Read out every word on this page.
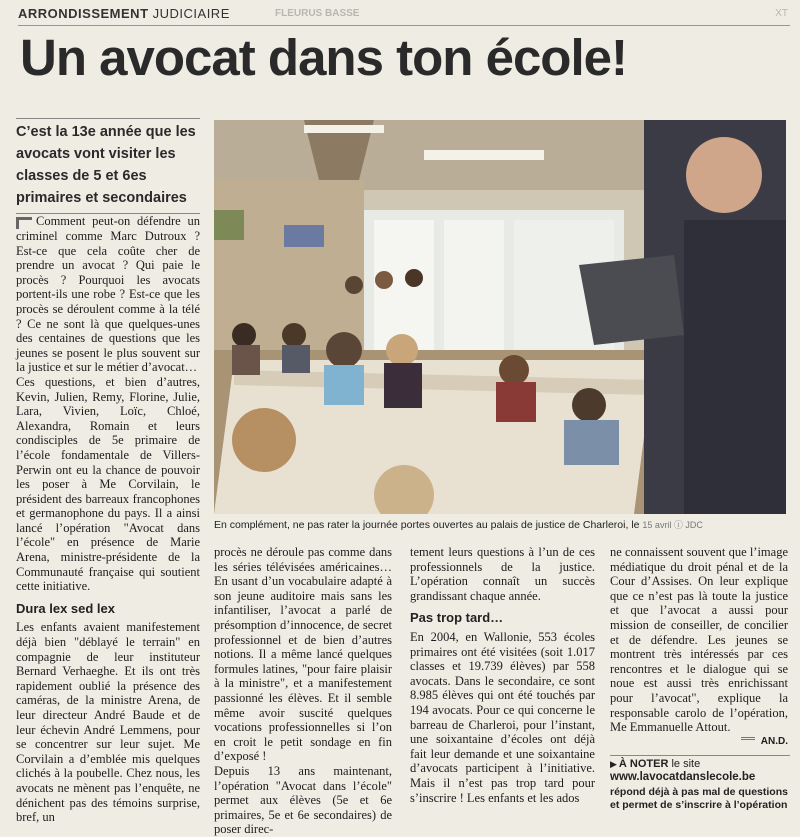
ARRONDISSEMENT JUDICIAIRE	FLEURUS BASSE	XT
Un avocat dans ton école!
C’est la 13e année que les avocats vont visiter les classes de 5 et 6es primaires et secondaires
En complément, ne pas rater la journée portes ouvertes au palais de justice de Charleroi, le 15 avril ⓘ JDC

Comment peut-on défendre un criminel comme Marc Dutroux ? Est-ce que cela coûte cher de prendre un avocat ? Qui paie le procès ? Pourquoi les avocats portent-ils une robe ? Est-ce que les procès se déroulent comme à la télé ? Ce ne sont là que quelques-unes des centaines de questions que les jeunes se posent le plus souvent sur la justice et sur le métier d’avocat…

Ces questions, et bien d’autres, Kevin, Julien, Remy, Florine, Julie, Lara, Vivien, Loïc, Chloé, Alexandra, Romain et leurs condisciples de 5e primaire de l’école fondamentale de Villers-Perwin ont eu la chance de pouvoir les poser à Me Corvilain, le président des barreaux francophones et germanophone du pays. Il a ainsi lancé l’opération "Avocat dans l’école" en présence de Marie Arena, ministre-présidente de la Communauté française qui soutient cette initiative.

Dura lex sed lex

Les enfants avaient manifestement déjà bien "déblayé le terrain" en compagnie de leur instituteur Bernard Verhaeghe. Et ils ont très rapidement oublié la présence des caméras, de la ministre Arena, de leur directeur André Baude et de leur échevin André Lemmens, pour se concentrer sur leur sujet. Me Corvilain a d’emblée mis quelques clichés à la poubelle. Chez nous, les avocats ne mènent pas l’enquête, ne dénichent pas des témoins surprise, bref, un

procès ne déroule pas comme dans les séries télévisées américaines… En usant d’un vocabulaire adapté à son jeune auditoire mais sans les infantiliser, l’avocat a parlé de présomption d’innocence, de secret professionnel et de bien d’autres notions. Il a même lancé quelques formules latines, "pour faire plaisir à la ministre", et a manifestement passionné les élèves. Et il semble même avoir suscité quelques vocations professionnelles si l’on en croit le petit sondage en fin d’exposé !

Depuis 13 ans maintenant, l’opération "Avocat dans l’école" permet aux élèves (5e et 6e primaires, 5e et 6e secondaires) de poser direc-

tement leurs questions à l’un de ces professionnels de la justice. L’opération connaît un succès grandissant chaque année.

Pas trop tard…

En 2004, en Wallonie, 553 écoles primaires ont été visitées (soit 1.017 classes et 19.739 élèves) par 558 avocats. Dans le secondaire, ce sont 8.985 élèves qui ont été touchés par 194 avocats. Pour ce qui concerne le barreau de Charleroi, pour l’instant, une soixantaine d’écoles ont déjà fait leur demande et une soixantaine d’avocats participent à l’initiative. Mais il n’est pas trop tard pour s’inscrire ! Les enfants et les ados

ne connaissent souvent que l’image médiatique du droit pénal et de la Cour d’Assises. On leur explique que ce n’est pas là toute la justice et que l’avocat a aussi pour mission de conseiller, de concilier et de défendre. Les jeunes se montrent très intéressés par ces rencontres et le dialogue qui se noue est aussi très enrichissant pour l’avocat", explique la responsable carolo de l’opération, Me Emmanuelle Attout.

AN.D.
▶ À NOTER le site
www.lavocatdanslecole.be
répond déjà à pas mal de questions et permet de s’inscrire à l’opération
